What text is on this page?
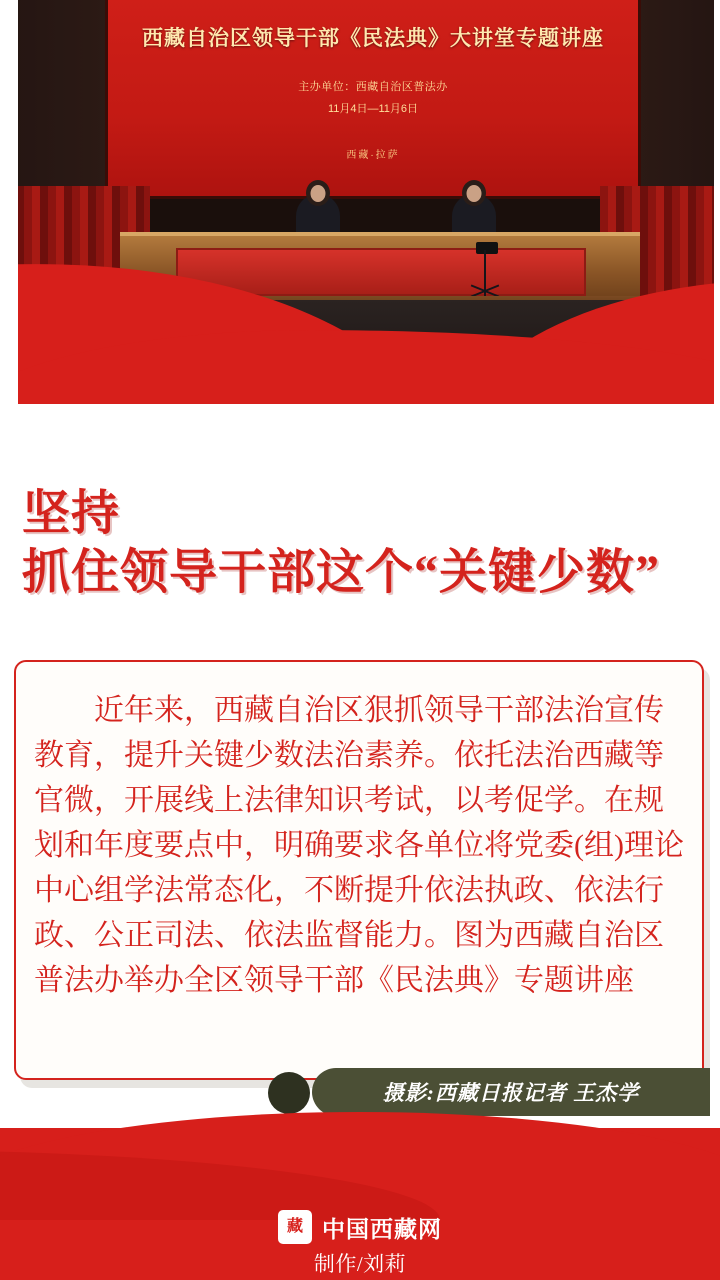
西藏自治区领导干部《民法典》大讲堂专题讲座
主办单位：西藏自治区普法办
11月4日—11月6日
西藏·拉萨
坚持
抓住领导干部这个“关键少数”
近年来，西藏自治区狠抓领导干部法治宣传教育，提升关键少数法治素养。依托法治西藏等官微，开展线上法律知识考试，以考促学。在规划和年度要点中，明确要求各单位将党委(组)理论中心组学法常态化，不断提升依法执政、依法行政、公正司法、依法监督能力。图为西藏自治区普法办举办全区领导干部《民法典》专题讲座
摄影:西藏日报记者 王杰学
藏 中国西藏网
制作/刘莉
